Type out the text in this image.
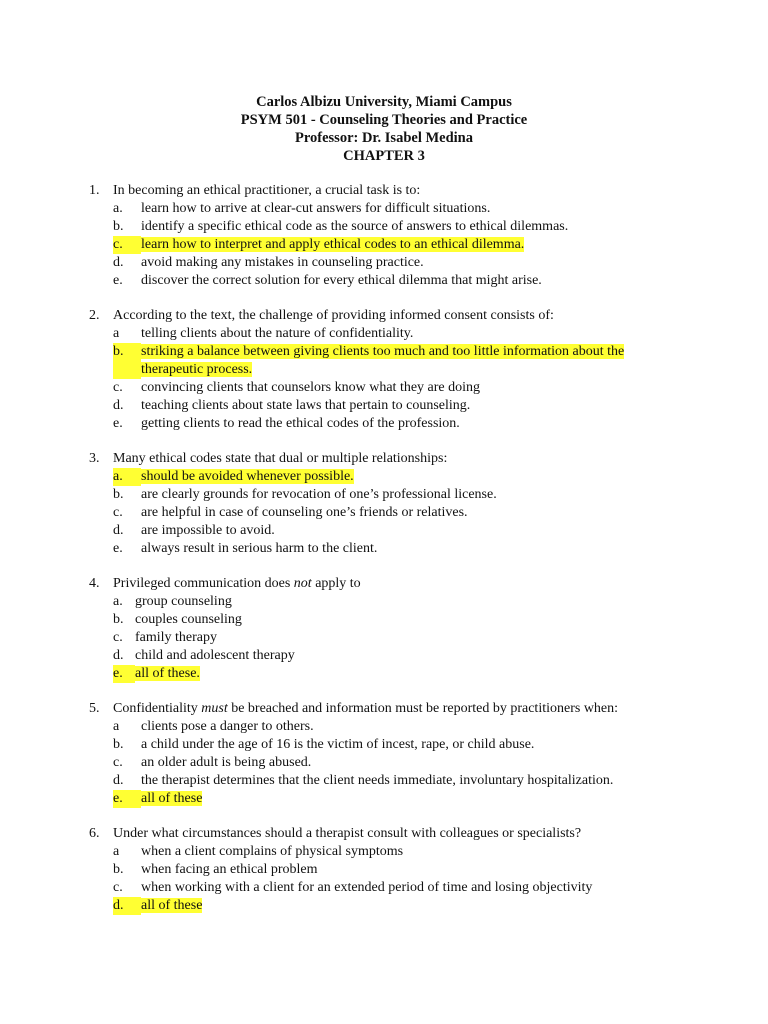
Carlos Albizu University, Miami Campus
PSYM 501 - Counseling Theories and Practice
Professor: Dr. Isabel Medina
CHAPTER 3
1. In becoming an ethical practitioner, a crucial task is to:
a.	learn how to arrive at clear-cut answers for difficult situations.
b.	identify a specific ethical code as the source of answers to ethical dilemmas.
c.	learn how to interpret and apply ethical codes to an ethical dilemma.
d.	avoid making any mistakes in counseling practice.
e.	discover the correct solution for every ethical dilemma that might arise.
2. According to the text, the challenge of providing informed consent consists of:
a	telling clients about the nature of confidentiality.
b.	striking a balance between giving clients too much and too little information about the
therapeutic process.
c.	convincing clients that counselors know what they are doing
d.	teaching clients about state laws that pertain to counseling.
e.	getting clients to read the ethical codes of the profession.
3. Many ethical codes state that dual or multiple relationships:
a.	should be avoided whenever possible.
b.	are clearly grounds for revocation of one’s professional license.
c.	are helpful in case of counseling one’s friends or relatives.
d.	are impossible to avoid.
e.	always result in serious harm to the client.
4. Privileged communication does not apply to
a. group counseling
b. couples counseling
c. family therapy
d. child and adolescent therapy
e. all of these.
5. Confidentiality must be breached and information must be reported by practitioners when:
a	clients pose a danger to others.
b.	a child under the age of 16 is the victim of incest, rape, or child abuse.
c.	an older adult is being abused.
d.	the therapist determines that the client needs immediate, involuntary hospitalization.
e.	all of these
6. Under what circumstances should a therapist consult with colleagues or specialists?
a	when a client complains of physical symptoms
b.	when facing an ethical problem
c.	when working with a client for an extended period of time and losing objectivity
d.	all of these
